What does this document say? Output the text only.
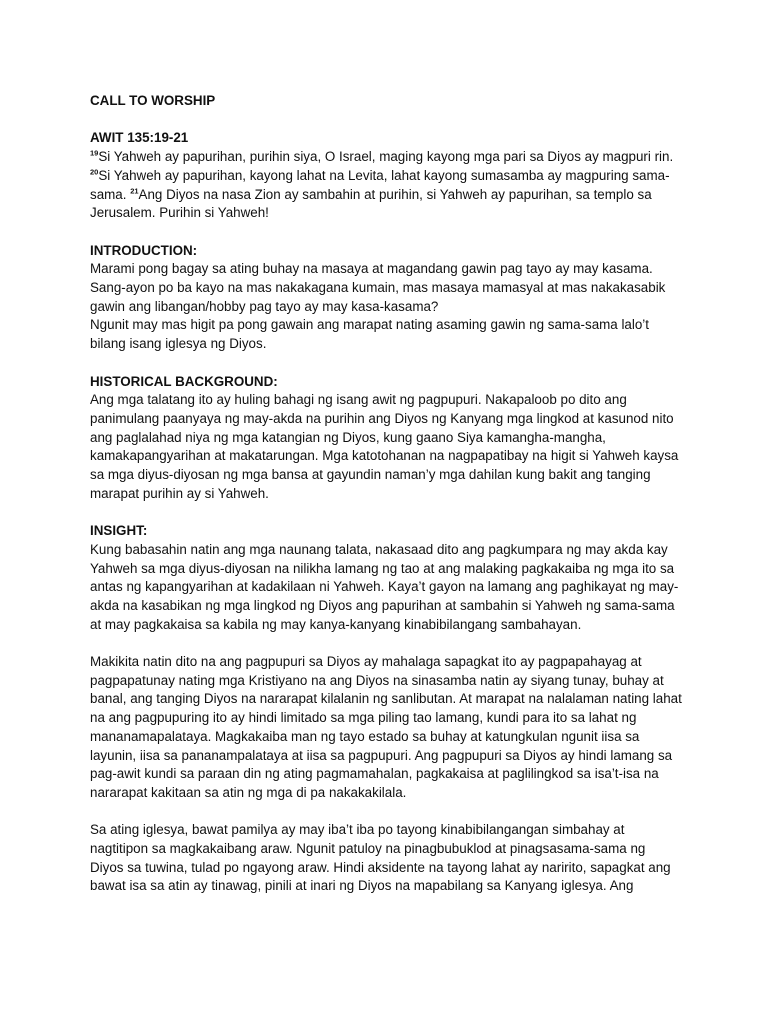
CALL TO WORSHIP

AWIT 135:19-21

$^{19}$Si Yahweh ay papurihan, purihin siya, O Israel, maging kayong mga pari sa Diyos ay magpuri rin. $^{20}$Si Yahweh ay papurihan, kayong lahat na Levita, lahat kayong sumasamba ay magpuring sama-sama. $^{21}$Ang Diyos na nasa Zion ay sambahin at purihin, si Yahweh ay papurihan, sa templo sa Jerusalem. Purihin si Yahweh!

INTRODUCTION:

Marami pong bagay sa ating buhay na masaya at magandang gawin pag tayo ay may kasama. Sang-ayon po ba kayo na mas nakakagana kumain, mas masaya mamasyal at mas nakakasabik gawin ang libangan/hobby pag tayo ay may kasa-kasama?

Ngunit may mas higit pa pong gawain ang marapat nating asaming gawin ng sama-sama lalo’t bilang isang iglesya ng Diyos.

HISTORICAL BACKGROUND:

Ang mga talatang ito ay huling bahagi ng isang awit ng pagpupuri. Nakapaloob po dito ang panimulang paanyaya ng may-akda na purihin ang Diyos ng Kanyang mga lingkod at kasunod nito ang paglalahad niya ng mga katangian ng Diyos, kung gaano Siya kamangha-mangha, kamakapangyarihan at makatarungan. Mga katotohanan na nagpapatibay na higit si Yahweh kaysa sa mga diyus-diyosan ng mga bansa at gayundin naman’y mga dahilan kung bakit ang tanging marapat purihin ay si Yahweh.

INSIGHT:

Kung babasahin natin ang mga naunang talata, nakasaad dito ang pagkumpara ng may akda kay Yahweh sa mga diyus-diyosan na nilikha lamang ng tao at ang malaking pagkakaiba ng mga ito sa antas ng kapangyarihan at kadakilaan ni Yahweh. Kaya’t gayon na lamang ang paghikayat ng may-akda na kasabikan ng mga lingkod ng Diyos ang papurihan at sambahin si Yahweh ng sama-sama at may pagkakaisa sa kabila ng may kanya-kanyang kinabibilangang sambahayan.

Makikita natin dito na ang pagpupuri sa Diyos ay mahalaga sapagkat ito ay pagpapahayag at pagpapatunay nating mga Kristiyano na ang Diyos na sinasamba natin ay siyang tunay, buhay at banal, ang tanging Diyos na nararapat kilalanin ng sanlibutan. At marapat na nalalaman nating lahat na ang pagpupuring ito ay hindi limitado sa mga piling tao lamang, kundi para ito sa lahat ng mananamapalataya. Magkakaiba man ng tayo estado sa buhay at katungkulan ngunit iisa sa layunin, iisa sa pananampalataya at iisa sa pagpupuri. Ang pagpupuri sa Diyos ay hindi lamang sa pag-awit kundi sa paraan din ng ating pagmamahalan, pagkakaisa at paglilingkod sa isa’t-isa na nararapat kakitaan sa atin ng mga di pa nakakakilala.

Sa ating iglesya, bawat pamilya ay may iba’t iba po tayong kinabibilangangan simbahay at nagtitipon sa magkakaibang araw. Ngunit patuloy na pinagbubuklod at pinagsasama-sama ng Diyos sa tuwina, tulad po ngayong araw. Hindi aksidente na tayong lahat ay naririto, sapagkat ang bawat isa sa atin ay tinawag, pinili at inari ng Diyos na mapabilang sa Kanyang iglesya. Ang
